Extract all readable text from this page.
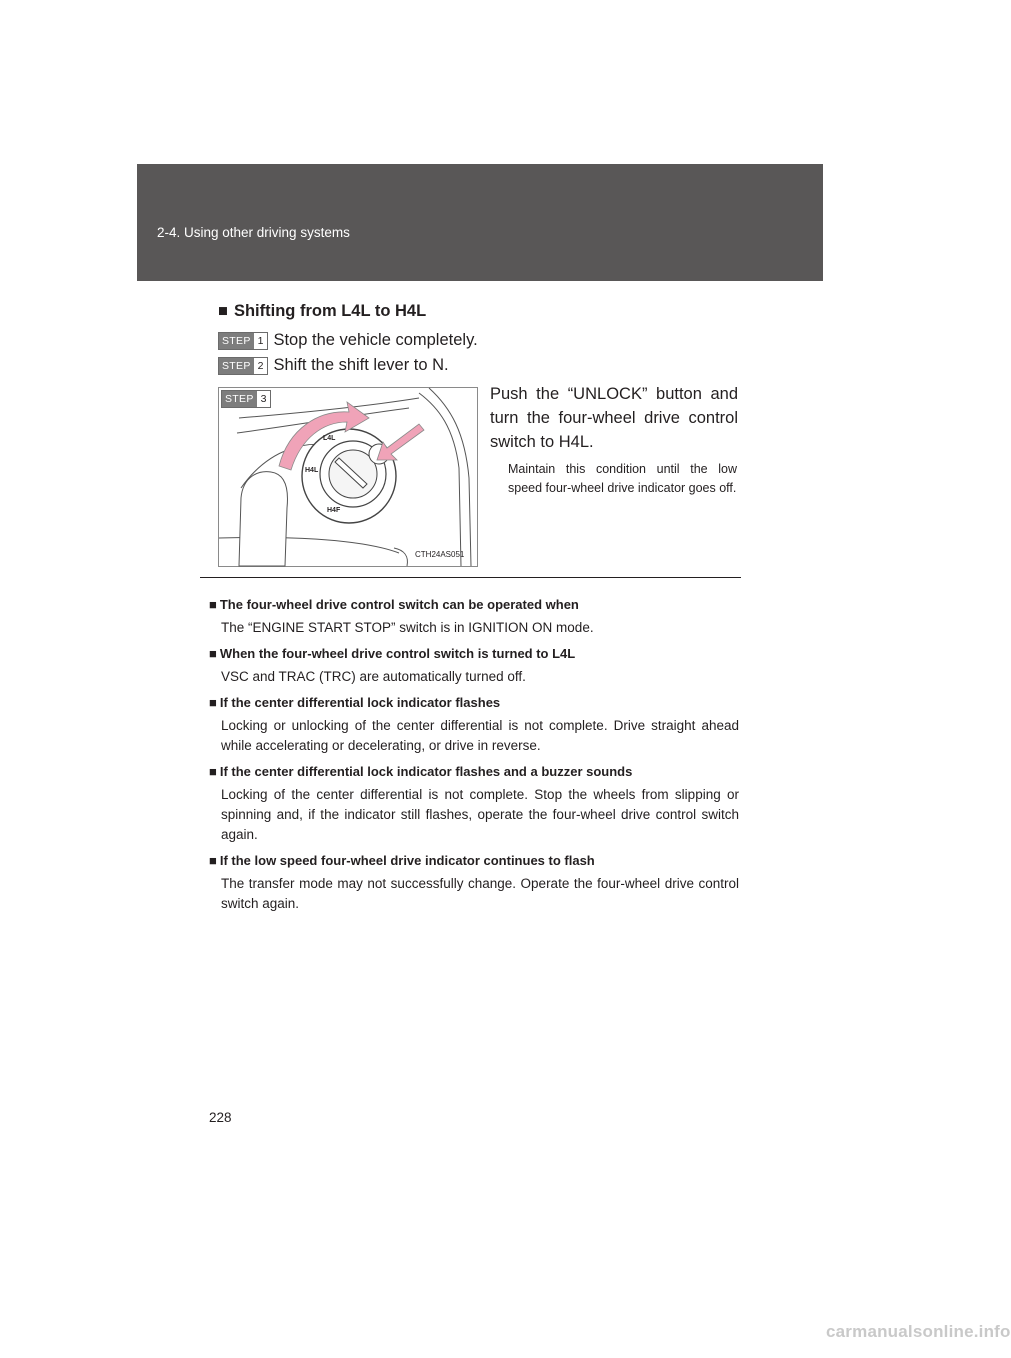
2-4. Using other driving systems
■ Shifting from L4L to H4L
STEP 1 Stop the vehicle completely.
STEP 2 Shift the shift lever to N.
L4L
H4L
H4F
STEP 3
CTH24AS051
Push the “UNLOCK” button and turn the four-wheel drive control switch to H4L.
Maintain this condition until the low speed four-wheel drive indicator goes off.
■ The four-wheel drive control switch can be operated when
The “ENGINE START STOP” switch is in IGNITION ON mode.
■ When the four-wheel drive control switch is turned to L4L
VSC and TRAC (TRC) are automatically turned off.
■ If the center differential lock indicator flashes
Locking or unlocking of the center differential is not complete. Drive straight ahead while accelerating or decelerating, or drive in reverse.
■ If the center differential lock indicator flashes and a buzzer sounds
Locking of the center differential is not complete. Stop the wheels from slipping or spinning and, if the indicator still flashes, operate the four-wheel drive control switch again.
■ If the low speed four-wheel drive indicator continues to flash
The transfer mode may not successfully change. Operate the four-wheel drive control switch again.
228
carmanualsonline.info
